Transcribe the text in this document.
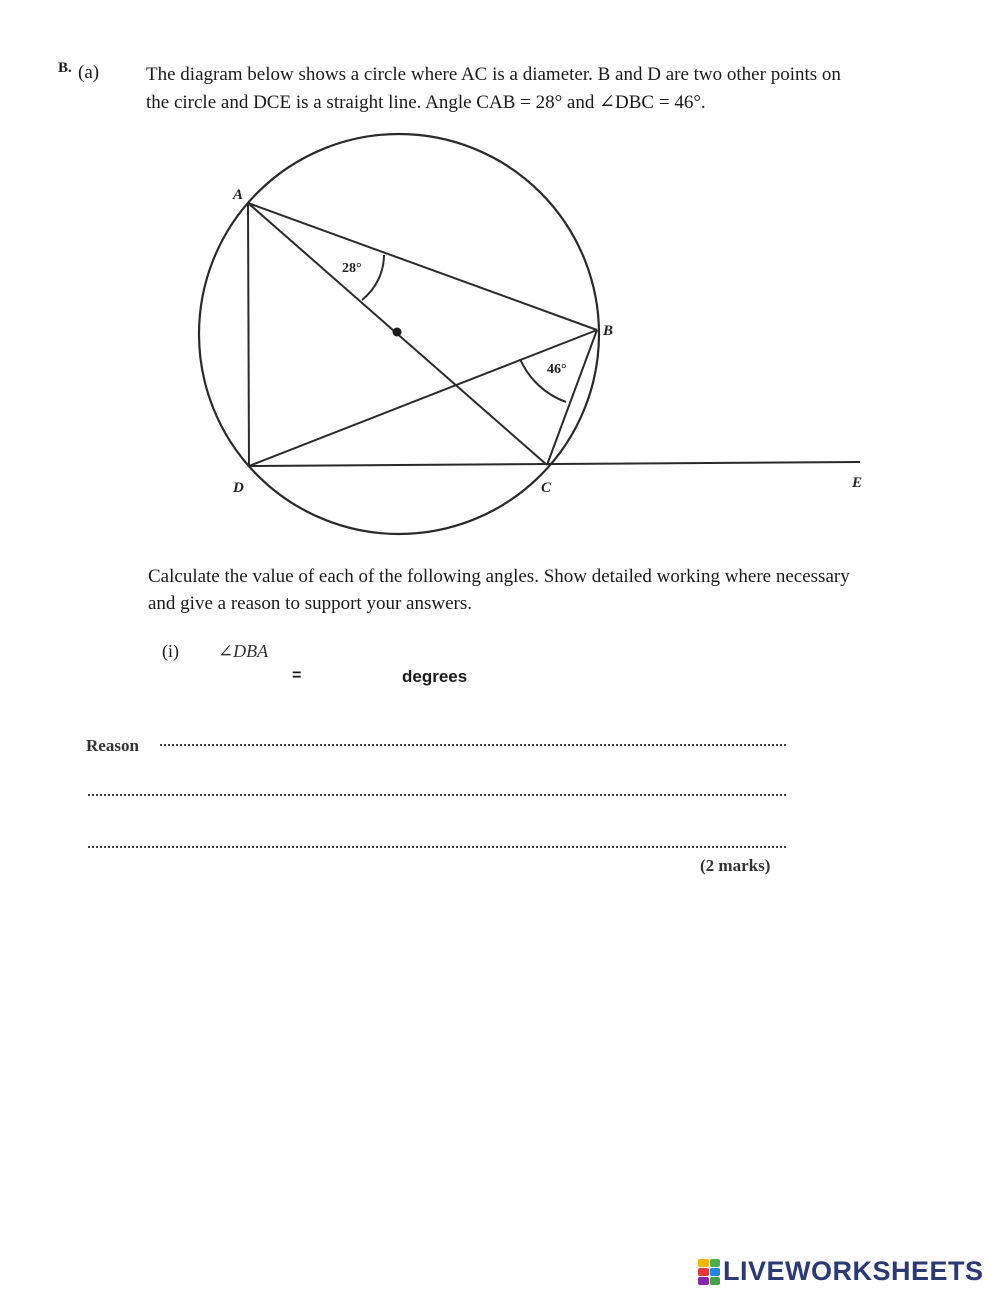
B. (a) The diagram below shows a circle where AC is a diameter. B and D are two other points on
the circle and DCE is a straight line. Angle CAB = 28° and ∠DBC = 46°.
A
B
C
D	E
28°
46°
Calculate the value of each of the following angles. Show detailed working where necessary
and give a reason to support your answers.
(i) ∠DBA
=	degrees
Reason
(2 marks)
LIVEWORKSHEETS
